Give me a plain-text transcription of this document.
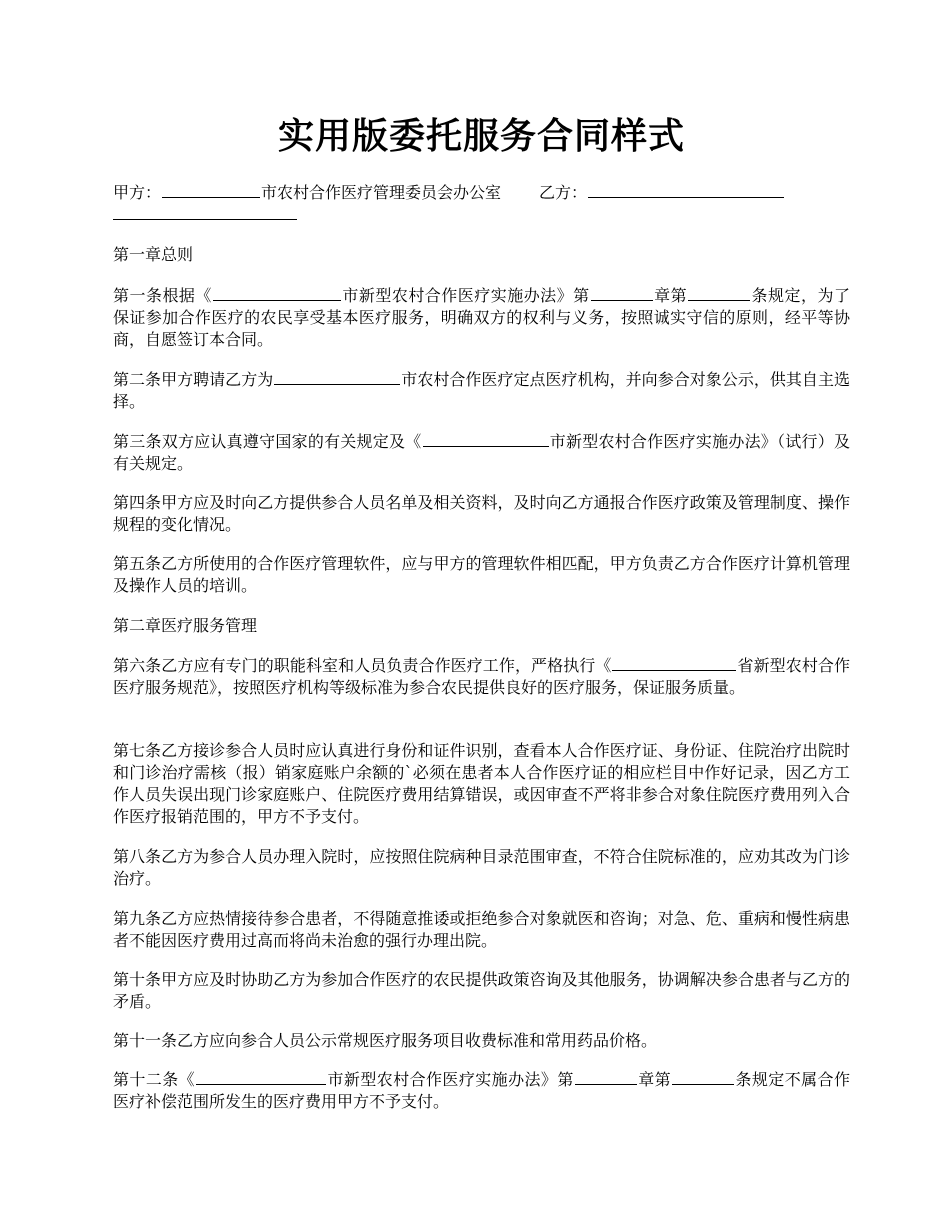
实用版委托服务合同样式

甲方：	市农村合作医疗管理委员会办公室 乙方：

第一章总则

第一条根据《	市新型农村合作医疗实施办法》第	章第	条规定，为了保证参加合作医疗的农民享受基本医疗服务，明确双方的权利与义务，按照诚实守信的原则，经平等协商，自愿签订本合同。

第二条甲方聘请乙方为	市农村合作医疗定点医疗机构，并向参合对象公示，供其自主选择。

第三条双方应认真遵守国家的有关规定及《	市新型农村合作医疗实施办法》（试行）及有关规定。

第四条甲方应及时向乙方提供参合人员名单及相关资料，及时向乙方通报合作医疗政策及管理制度、操作规程的变化情况。

第五条乙方所使用的合作医疗管理软件，应与甲方的管理软件相匹配，甲方负责乙方合作医疗计算机管理及操作人员的培训。

第二章医疗服务管理

第六条乙方应有专门的职能科室和人员负责合作医疗工作，严格执行《	省新型农村合作医疗服务规范》，按照医疗机构等级标准为参合农民提供良好的医疗服务，保证服务质量。

第七条乙方接诊参合人员时应认真进行身份和证件识别，查看本人合作医疗证、身份证、住院治疗出院时和门诊治疗需核（报）销家庭账户余额的`必须在患者本人合作医疗证的相应栏目中作好记录，因乙方工作人员失误出现门诊家庭账户、住院医疗费用结算错误，或因审查不严将非参合对象住院医疗费用列入合作医疗报销范围的，甲方不予支付。

第八条乙方为参合人员办理入院时，应按照住院病种目录范围审查，不符合住院标准的，应劝其改为门诊治疗。

第九条乙方应热情接待参合患者，不得随意推诿或拒绝参合对象就医和咨询；对急、危、重病和慢性病患者不能因医疗费用过高而将尚未治愈的强行办理出院。

第十条甲方应及时协助乙方为参加合作医疗的农民提供政策咨询及其他服务，协调解决参合患者与乙方的矛盾。

第十一条乙方应向参合人员公示常规医疗服务项目收费标准和常用药品价格。

第十二条《	市新型农村合作医疗实施办法》第	章第	条规定不属合作医疗补偿范围所发生的医疗费用甲方不予支付。
